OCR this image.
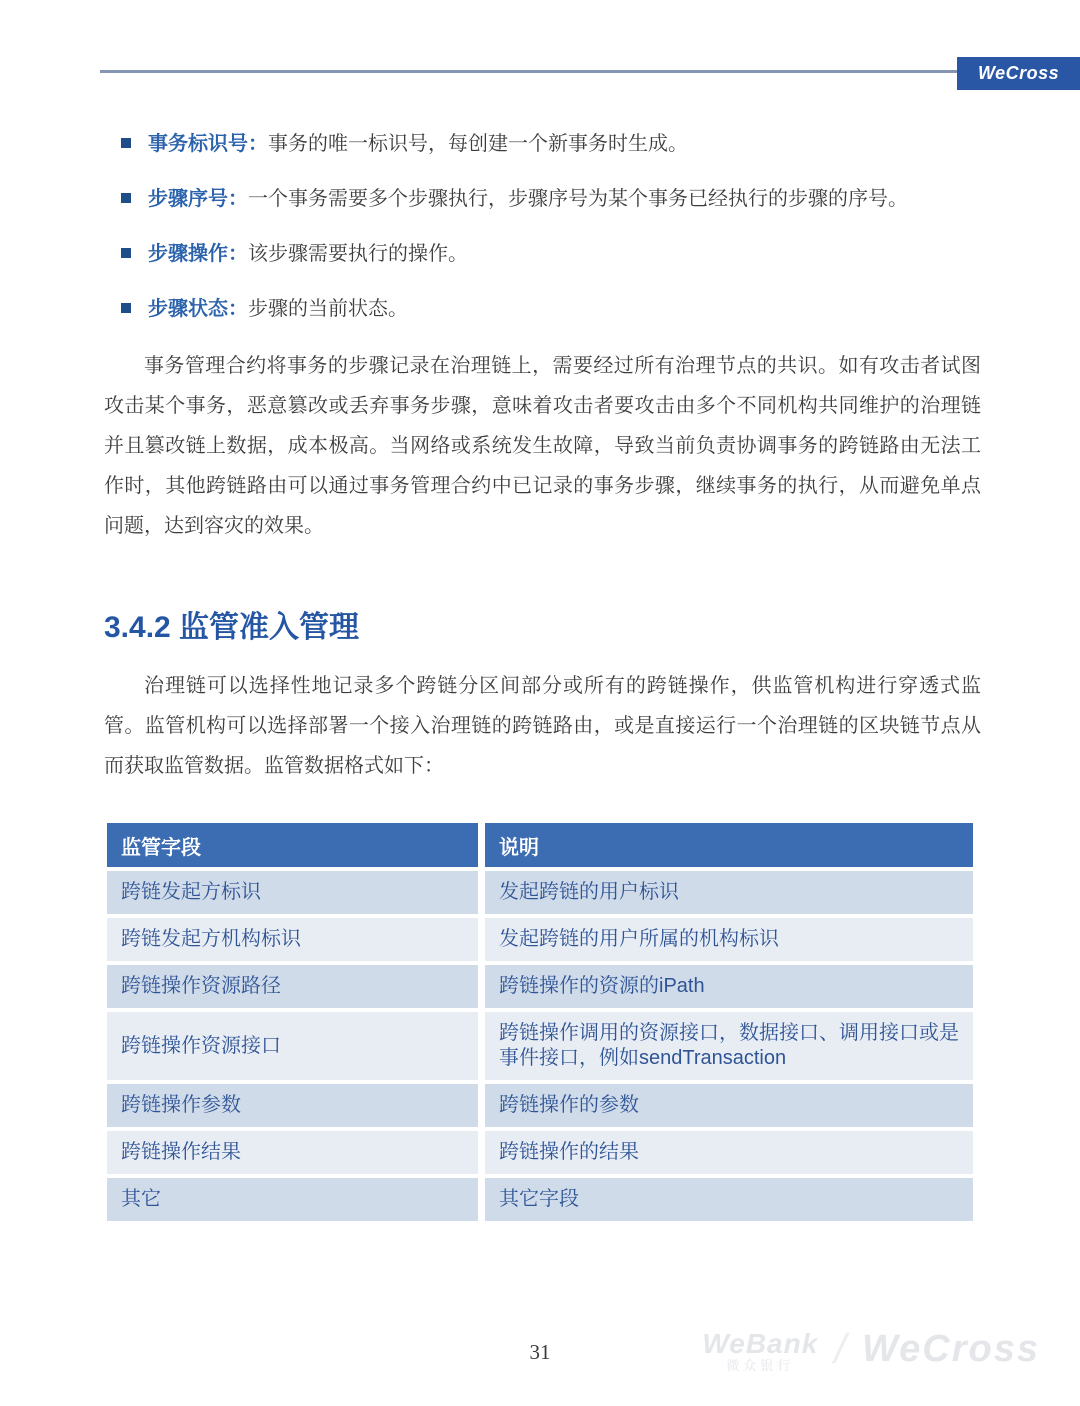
WeCross
事务标识号：事务的唯一标识号，每创建一个新事务时生成。
步骤序号：一个事务需要多个步骤执行，步骤序号为某个事务已经执行的步骤的序号。
步骤操作：该步骤需要执行的操作。
步骤状态：步骤的当前状态。

事务管理合约将事务的步骤记录在治理链上，需要经过所有治理节点的共识。如有攻击者试图攻击某个事务，恶意篡改或丢弃事务步骤，意味着攻击者要攻击由多个不同机构共同维护的治理链并且篡改链上数据，成本极高。当网络或系统发生故障，导致当前负责协调事务的跨链路由无法工作时，其他跨链路由可以通过事务管理合约中已记录的事务步骤，继续事务的执行，从而避免单点问题，达到容灾的效果。

3.4.2 监管准入管理

治理链可以选择性地记录多个跨链分区间部分或所有的跨链操作，供监管机构进行穿透式监管。监管机构可以选择部署一个接入治理链的跨链路由，或是直接运行一个治理链的区块链节点从而获取监管数据。监管数据格式如下：

监管字段	说明
跨链发起方标识	发起跨链的用户标识
跨链发起方机构标识	发起跨链的用户所属的机构标识
跨链操作资源路径	跨链操作的资源的iPath
跨链操作资源接口	跨链操作调用的资源接口，数据接口、调用接口或是事件接口，例如sendTransaction
跨链操作参数	跨链操作的参数
跨链操作结果	跨链操作的结果
其它	其它字段
31	WeBank
微众银行 / WeCross
